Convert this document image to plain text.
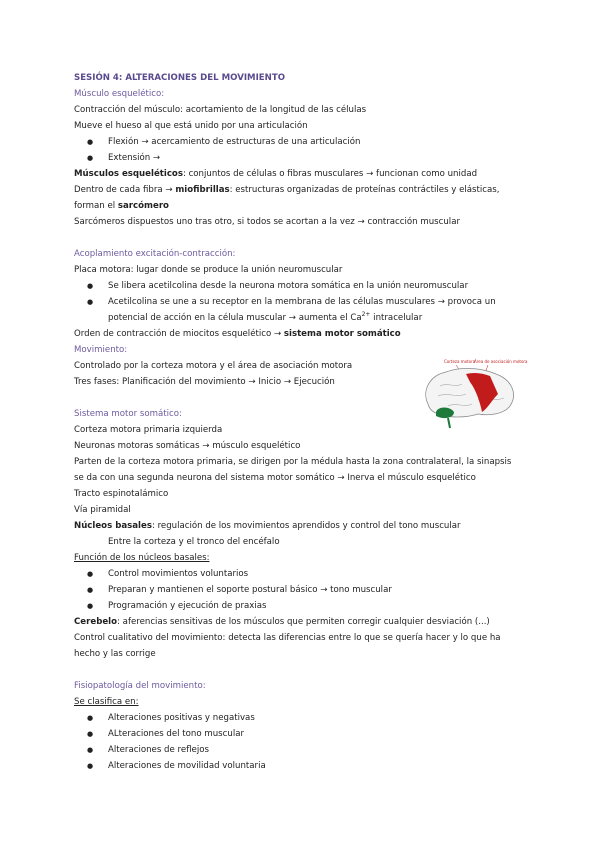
SESIÓN 4: ALTERACIONES DEL MOVIMIENTO
Músculo esquelético:
Contracción del músculo: acortamiento de la longitud de las células
Mueve el hueso al que está unido por una articulación
● Flexión → acercamiento de estructuras de una articulación
● Extensión →
Músculos esqueléticos: conjuntos de células o fibras musculares → funcionan como unidad
Dentro de cada fibra → miofibrillas: estructuras organizadas de proteínas contráctiles y elásticas,
forman el sarcómero
Sarcómeros dispuestos uno tras otro, si todos se acortan a la vez → contracción muscular
Acoplamiento excitación-contracción:
Placa motora: lugar donde se produce la unión neuromuscular
● Se libera acetilcolina desde la neurona motora somática en la unión neuromuscular
● Acetilcolina se une a su receptor en la membrana de las células musculares → provoca un
potencial de acción en la célula muscular → aumenta el $Ca^{2+}$ intracelular
Orden de contracción de miocitos esquelético → sistema motor somático
Movimiento:
Controlado por la corteza motora y el área de asociación motora
Tres fases: Planificación del movimiento → Inicio → Ejecución
Sistema motor somático:
Corteza motora primaria izquierda
Neuronas motoras somáticas → músculo esquelético
Parten de la corteza motora primaria, se dirigen por la médula hasta la zona contralateral, la sinapsis
se da con una segunda neurona del sistema motor somático → Inerva el músculo esquelético
Tracto espinotalámico
Vía piramidal
Núcleos basales: regulación de los movimientos aprendidos y control del tono muscular
Entre la corteza y el tronco del encéfalo
Función de los núcleos basales:
● Control movimientos voluntarios
● Preparan y mantienen el soporte postural básico → tono muscular
● Programación y ejecución de praxias
Cerebelo: aferencias sensitivas de los músculos que permiten corregir cualquier desviación (...)
Control cualitativo del movimiento: detecta las diferencias entre lo que se quería hacer y lo que ha
hecho y las corrige
Fisiopatología del movimiento:
Se clasifica en:
● Alteraciones positivas y negativas
● ALteraciones del tono muscular
● Alteraciones de reflejos
● Alteraciones de movilidad voluntaria
Corteza motora
Área de asociación motora
